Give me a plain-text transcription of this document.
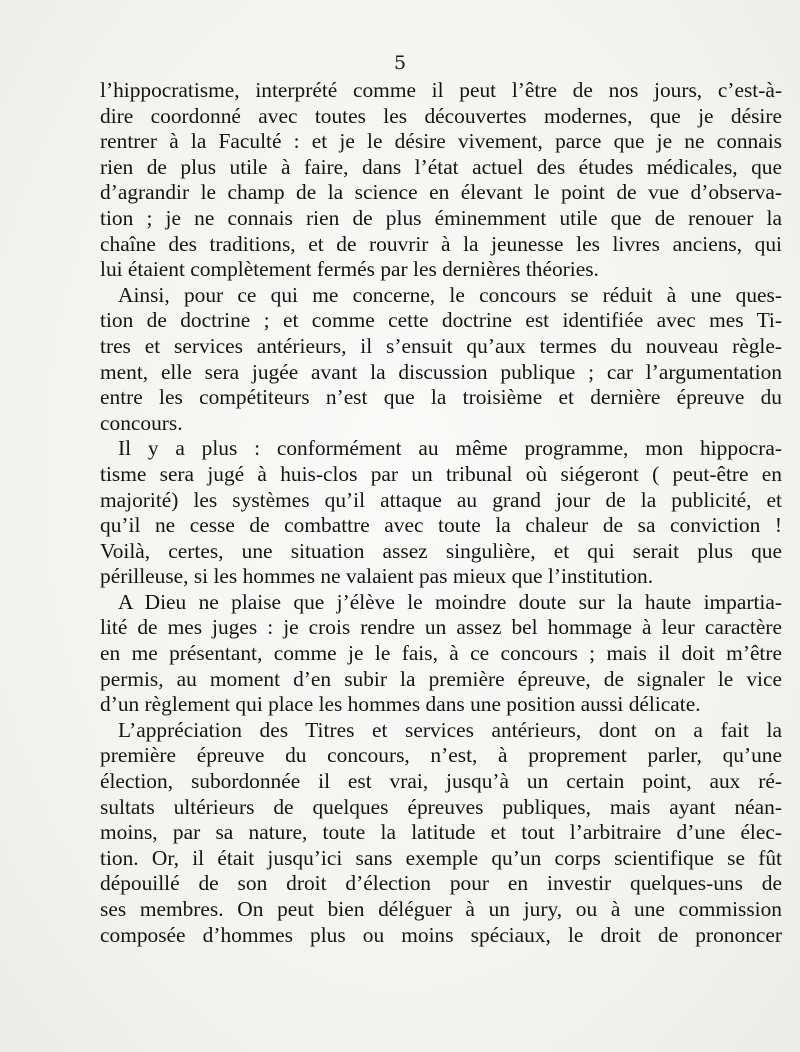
5
l’hippocratisme, interprété comme il peut l’être de nos jours, c’est-à-
dire coordonné avec toutes les découvertes modernes, que je désire
rentrer à la Faculté : et je le désire vivement, parce que je ne connais
rien de plus utile à faire, dans l’état actuel des études médicales, que
d’agrandir le champ de la science en élevant le point de vue d’observa-
tion ; je ne connais rien de plus éminemment utile que de renouer la
chaîne des traditions, et de rouvrir à la jeunesse les livres anciens, qui
lui étaient complètement fermés par les dernières théories.
Ainsi, pour ce qui me concerne, le concours se réduit à une ques-
tion de doctrine ; et comme cette doctrine est identifiée avec mes Ti-
tres et services antérieurs, il s’ensuit qu’aux termes du nouveau règle-
ment, elle sera jugée avant la discussion publique ; car l’argumentation
entre les compétiteurs n’est que la troisième et dernière épreuve du
concours.
Il y a plus : conformément au même programme, mon hippocra-
tisme sera jugé à huis-clos par un tribunal où siégeront ( peut-être en
majorité) les systèmes qu’il attaque au grand jour de la publicité, et
qu’il ne cesse de combattre avec toute la chaleur de sa conviction !
Voilà, certes, une situation assez singulière, et qui serait plus que
périlleuse, si les hommes ne valaient pas mieux que l’institution.
A Dieu ne plaise que j’élève le moindre doute sur la haute impartia-
lité de mes juges : je crois rendre un assez bel hommage à leur caractère
en me présentant, comme je le fais, à ce concours ; mais il doit m’être
permis, au moment d’en subir la première épreuve, de signaler le vice
d’un règlement qui place les hommes dans une position aussi délicate.
L’appréciation des Titres et services antérieurs, dont on a fait la
première épreuve du concours, n’est, à proprement parler, qu’une
élection, subordonnée il est vrai, jusqu’à un certain point, aux ré-
sultats ultérieurs de quelques épreuves publiques, mais ayant néan-
moins, par sa nature, toute la latitude et tout l’arbitraire d’une élec-
tion. Or, il était jusqu’ici sans exemple qu’un corps scientifique se fût
dépouillé de son droit d’élection pour en investir quelques-uns de
ses membres. On peut bien déléguer à un jury, ou à une commission
composée d’hommes plus ou moins spéciaux, le droit de prononcer
